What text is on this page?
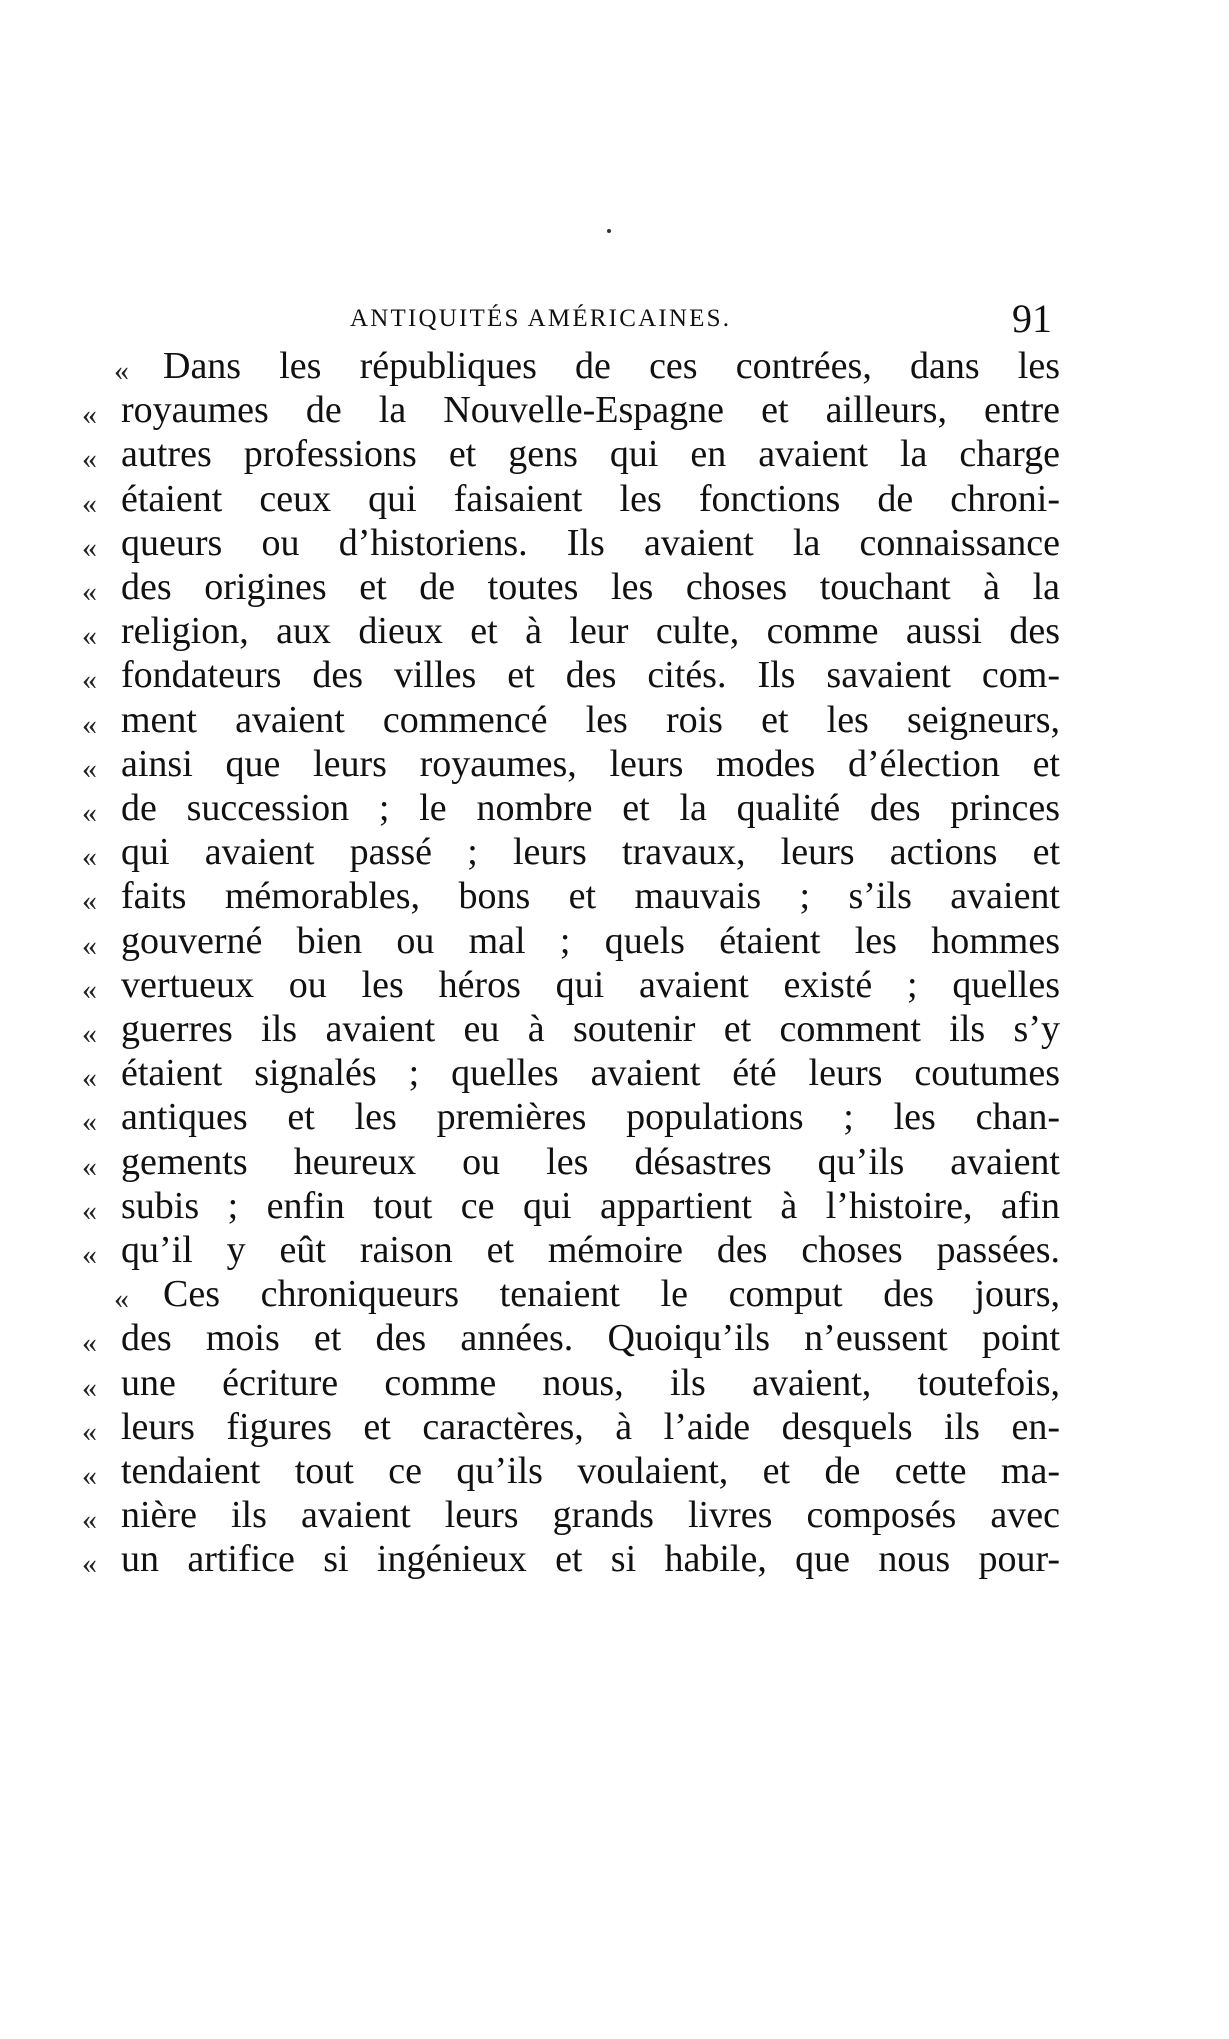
ANTIQUITÉS AMÉRICAINES.	91
« Dans les républiques de ces contrées, dans les
« royaumes de la Nouvelle-Espagne et ailleurs, entre
« autres professions et gens qui en avaient la charge
« étaient ceux qui faisaient les fonctions de chroni-
« queurs ou d’historiens. Ils avaient la connaissance
« des origines et de toutes les choses touchant à la
« religion, aux dieux et à leur culte, comme aussi des
« fondateurs des villes et des cités. Ils savaient com-
« ment avaient commencé les rois et les seigneurs,
« ainsi que leurs royaumes, leurs modes d’élection et
« de succession ; le nombre et la qualité des princes
« qui avaient passé ; leurs travaux, leurs actions et
« faits mémorables, bons et mauvais ; s’ils avaient
« gouverné bien ou mal ; quels étaient les hommes
« vertueux ou les héros qui avaient existé ; quelles
« guerres ils avaient eu à soutenir et comment ils s’y
« étaient signalés ; quelles avaient été leurs coutumes
« antiques et les premières populations ; les chan-
« gements heureux ou les désastres qu’ils avaient
« subis ; enfin tout ce qui appartient à l’histoire, afin
« qu’il y eût raison et mémoire des choses passées.
« Ces chroniqueurs tenaient le comput des jours,
« des mois et des années. Quoiqu’ils n’eussent point
« une écriture comme nous, ils avaient, toutefois,
« leurs figures et caractères, à l’aide desquels ils en-
« tendaient tout ce qu’ils voulaient, et de cette ma-
« nière ils avaient leurs grands livres composés avec
« un artifice si ingénieux et si habile, que nous pour-
